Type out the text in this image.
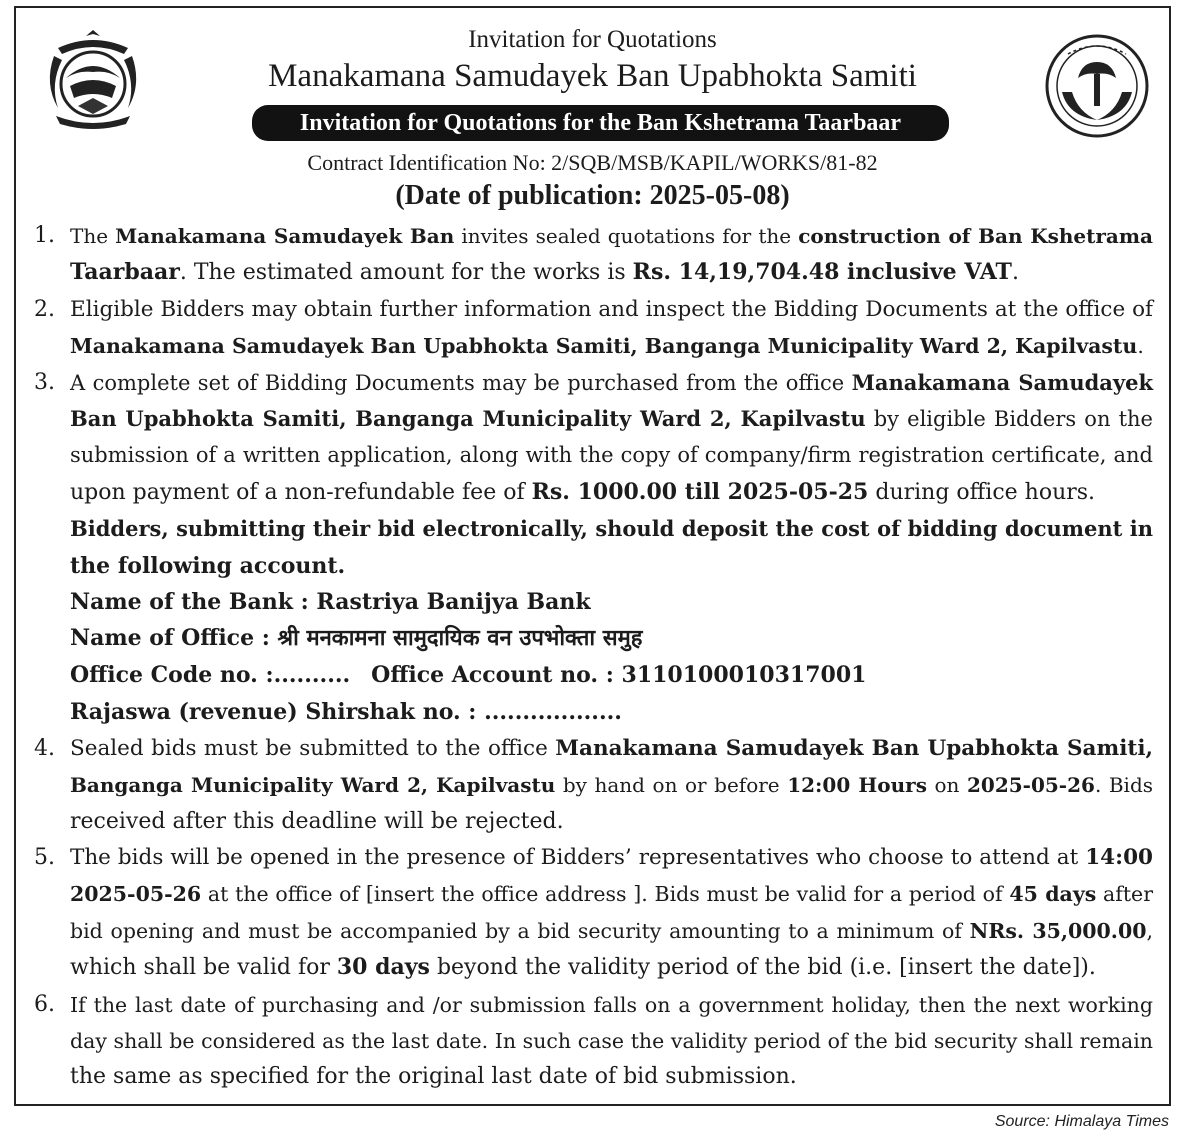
Invitation for Quotations
Manakamana Samudayek Ban Upabhokta Samiti
Invitation for Quotations for the Ban Kshetrama Taarbaar
Contract Identification No: 2/SQB/MSB/KAPIL/WORKS/81-82
(Date of publication: 2025-05-08)
1. The Manakamana Samudayek Ban invites sealed quotations for the construction of Ban Kshetrama
Taarbaar. The estimated amount for the works is Rs. 14,19,704.48 inclusive VAT.
2. Eligible Bidders may obtain further information and inspect the Bidding Documents at the office of
Manakamana Samudayek Ban Upabhokta Samiti, Banganga Municipality Ward 2, Kapilvastu.
3. A complete set of Bidding Documents may be purchased from the office Manakamana Samudayek
Ban Upabhokta Samiti, Banganga Municipality Ward 2, Kapilvastu by eligible Bidders on the
submission of a written application, along with the copy of company/firm registration certificate, and
upon payment of a non-refundable fee of Rs. 1000.00 till 2025-05-25 during office hours.
Bidders, submitting their bid electronically, should deposit the cost of bidding document in
the following account.
Name of the Bank : Rastriya Banijya Bank
Name of Office : श्री मनकामना सामुदायिक वन उपभोक्ता समुह
Office Code no. :.......... Office Account no. : 3110100010317001
Rajaswa (revenue) Shirshak no. : ..................
4. Sealed bids must be submitted to the office Manakamana Samudayek Ban Upabhokta Samiti,
Banganga Municipality Ward 2, Kapilvastu by hand on or before 12:00 Hours on 2025-05-26. Bids
received after this deadline will be rejected.
5. The bids will be opened in the presence of Bidders’ representatives who choose to attend at 14:00
2025-05-26 at the office of [insert the office address ]. Bids must be valid for a period of 45 days after
bid opening and must be accompanied by a bid security amounting to a minimum of NRs. 35,000.00,
which shall be valid for 30 days beyond the validity period of the bid (i.e. [insert the date]).
6. If the last date of purchasing and /or submission falls on a government holiday, then the next working
day shall be considered as the last date. In such case the validity period of the bid security shall remain
the same as specified for the original last date of bid submission.
Source: Himalaya Times
